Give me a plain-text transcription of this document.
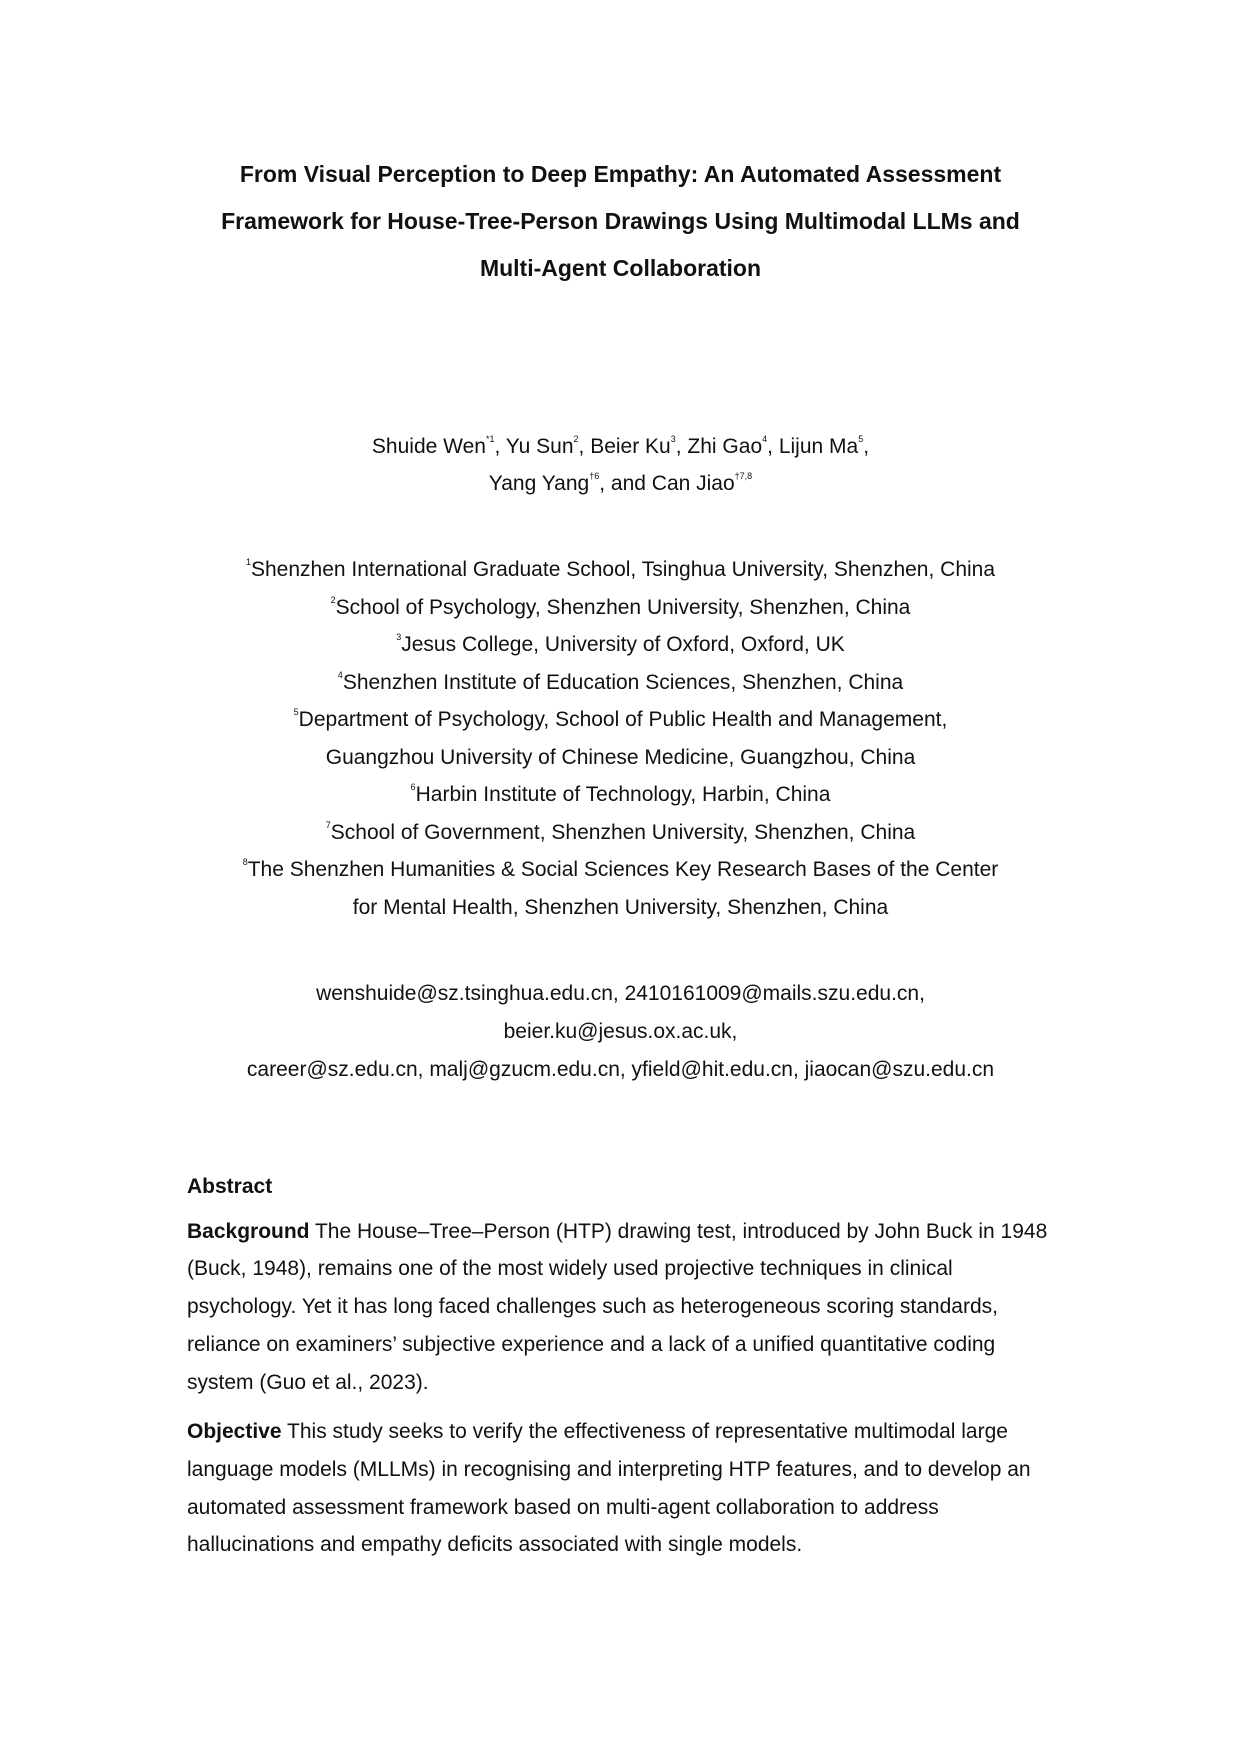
From Visual Perception to Deep Empathy: An Automated Assessment
Framework for House-Tree-Person Drawings Using Multimodal LLMs and
Multi-Agent Collaboration
Shuide Wen$^{*1}$, Yu Sun$^2$, Beier Ku$^3$, Zhi Gao$^4$, Lijun Ma$^5$,
Yang Yang$^{\dagger 6}$, and Can Jiao$^{\dagger 7,8}$
$^1$Shenzhen International Graduate School, Tsinghua University, Shenzhen, China
$^2$School of Psychology, Shenzhen University, Shenzhen, China
$^3$Jesus College, University of Oxford, Oxford, UK
$^4$Shenzhen Institute of Education Sciences, Shenzhen, China
$^5$Department of Psychology, School of Public Health and Management,
Guangzhou University of Chinese Medicine, Guangzhou, China
$^6$Harbin Institute of Technology, Harbin, China
$^7$School of Government, Shenzhen University, Shenzhen, China
$^8$The Shenzhen Humanities & Social Sciences Key Research Bases of the Center
for Mental Health, Shenzhen University, Shenzhen, China
wenshuide@sz.tsinghua.edu.cn, 2410161009@mails.szu.edu.cn,
beier.ku@jesus.ox.ac.uk,
career@sz.edu.cn, malj@gzucm.edu.cn, yfield@hit.edu.cn, jiaocan@szu.edu.cn
Abstract

Background The House–Tree–Person (HTP) drawing test, introduced by John Buck in 1948 (Buck, 1948), remains one of the most widely used projective techniques in clinical psychology. Yet it has long faced challenges such as heterogeneous scoring standards, reliance on examiners’ subjective experience and a lack of a unified quantitative coding system (Guo et al., 2023).

Objective This study seeks to verify the effectiveness of representative multimodal large language models (MLLMs) in recognising and interpreting HTP features, and to develop an automated assessment framework based on multi-agent collaboration to address hallucinations and empathy deficits associated with single models.
